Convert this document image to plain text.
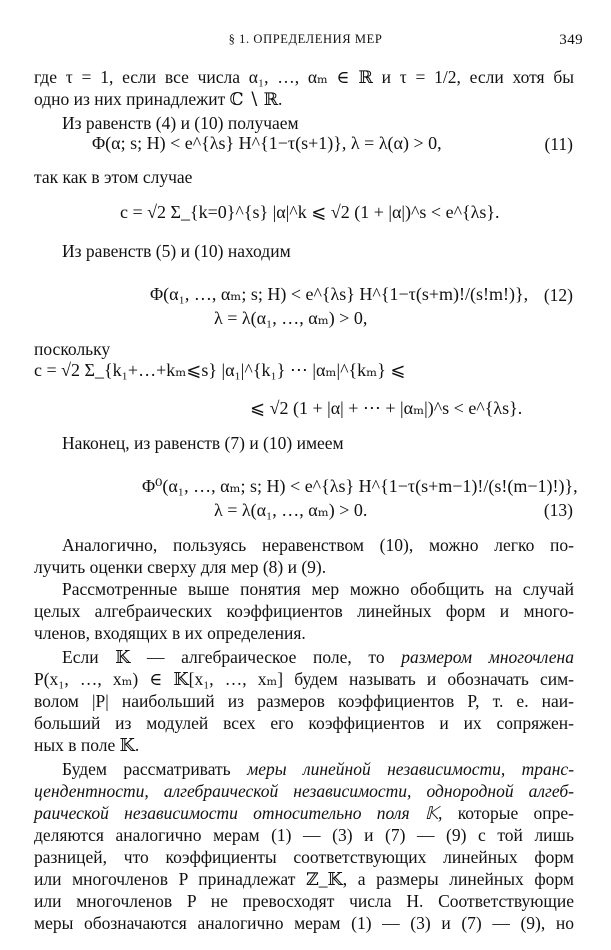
§ 1. ОПРЕДЕЛЕНИЯ МЕР	349
где τ = 1, если все числа α₁, …, αₘ ∈ ℝ и τ = 1/2, если хотя бы
одно из них принадлежит ℂ ∖ ℝ.
Из равенств (4) и (10) получаем
Φ(α; s; H) < e^{λs} H^{1−τ(s+1)}, λ = λ(α) > 0,	(11)
так как в этом случае
c = √2 Σ_{k=0}^{s} |α|^k ⩽ √2 (1 + |α|)^s < e^{λs}.
Из равенств (5) и (10) находим
Φ(α₁, …, αₘ; s; H) < e^{λs} H^{1−τ(s+m)!/(s!m!)}, (12)
λ = λ(α₁, …, αₘ) > 0,
поскольку
c = √2 Σ_{k₁+…+kₘ⩽s} |α₁|^{k₁} ⋯ |αₘ|^{kₘ} ⩽
⩽ √2 (1 + |α| + ⋯ + |αₘ|)^s < e^{λs}.
Наконец, из равенств (7) и (10) имеем
Φ⁰(α₁, …, αₘ; s; H) < e^{λs} H^{1−τ(s+m−1)!/(s!(m−1)!)},
λ = λ(α₁, …, αₘ) > 0.	(13)
Аналогично, пользуясь неравенством (10), можно легко по-
лучить оценки сверху для мер (8) и (9).
Рассмотренные выше понятия мер можно обобщить на случай
целых алгебраических коэффициентов линейных форм и много-
членов, входящих в их определения.
Если 𝕂 — алгебраическое поле, то размером многочлена
P(x₁, …, xₘ) ∈ 𝕂[x₁, …, xₘ] будем называть и обозначать сим-
волом |P| наибольший из размеров коэффициентов P, т. е. наи-
больший из модулей всех его коэффициентов и их сопряжен-
ных в поле 𝕂.
Будем рассматривать меры линейной независимости, транс-
цендентности, алгебраической независимости, однородной алгеб-
раической независимости относительно поля 𝕂, которые опре-
деляются аналогично мерам (1) — (3) и (7) — (9) с той лишь
разницей, что коэффициенты соответствующих линейных форм
или многочленов P принадлежат ℤ_𝕂, а размеры линейных форм
или многочленов P не превосходят числа H. Соответствующие
меры обозначаются аналогично мерам (1) — (3) и (7) — (9), но
